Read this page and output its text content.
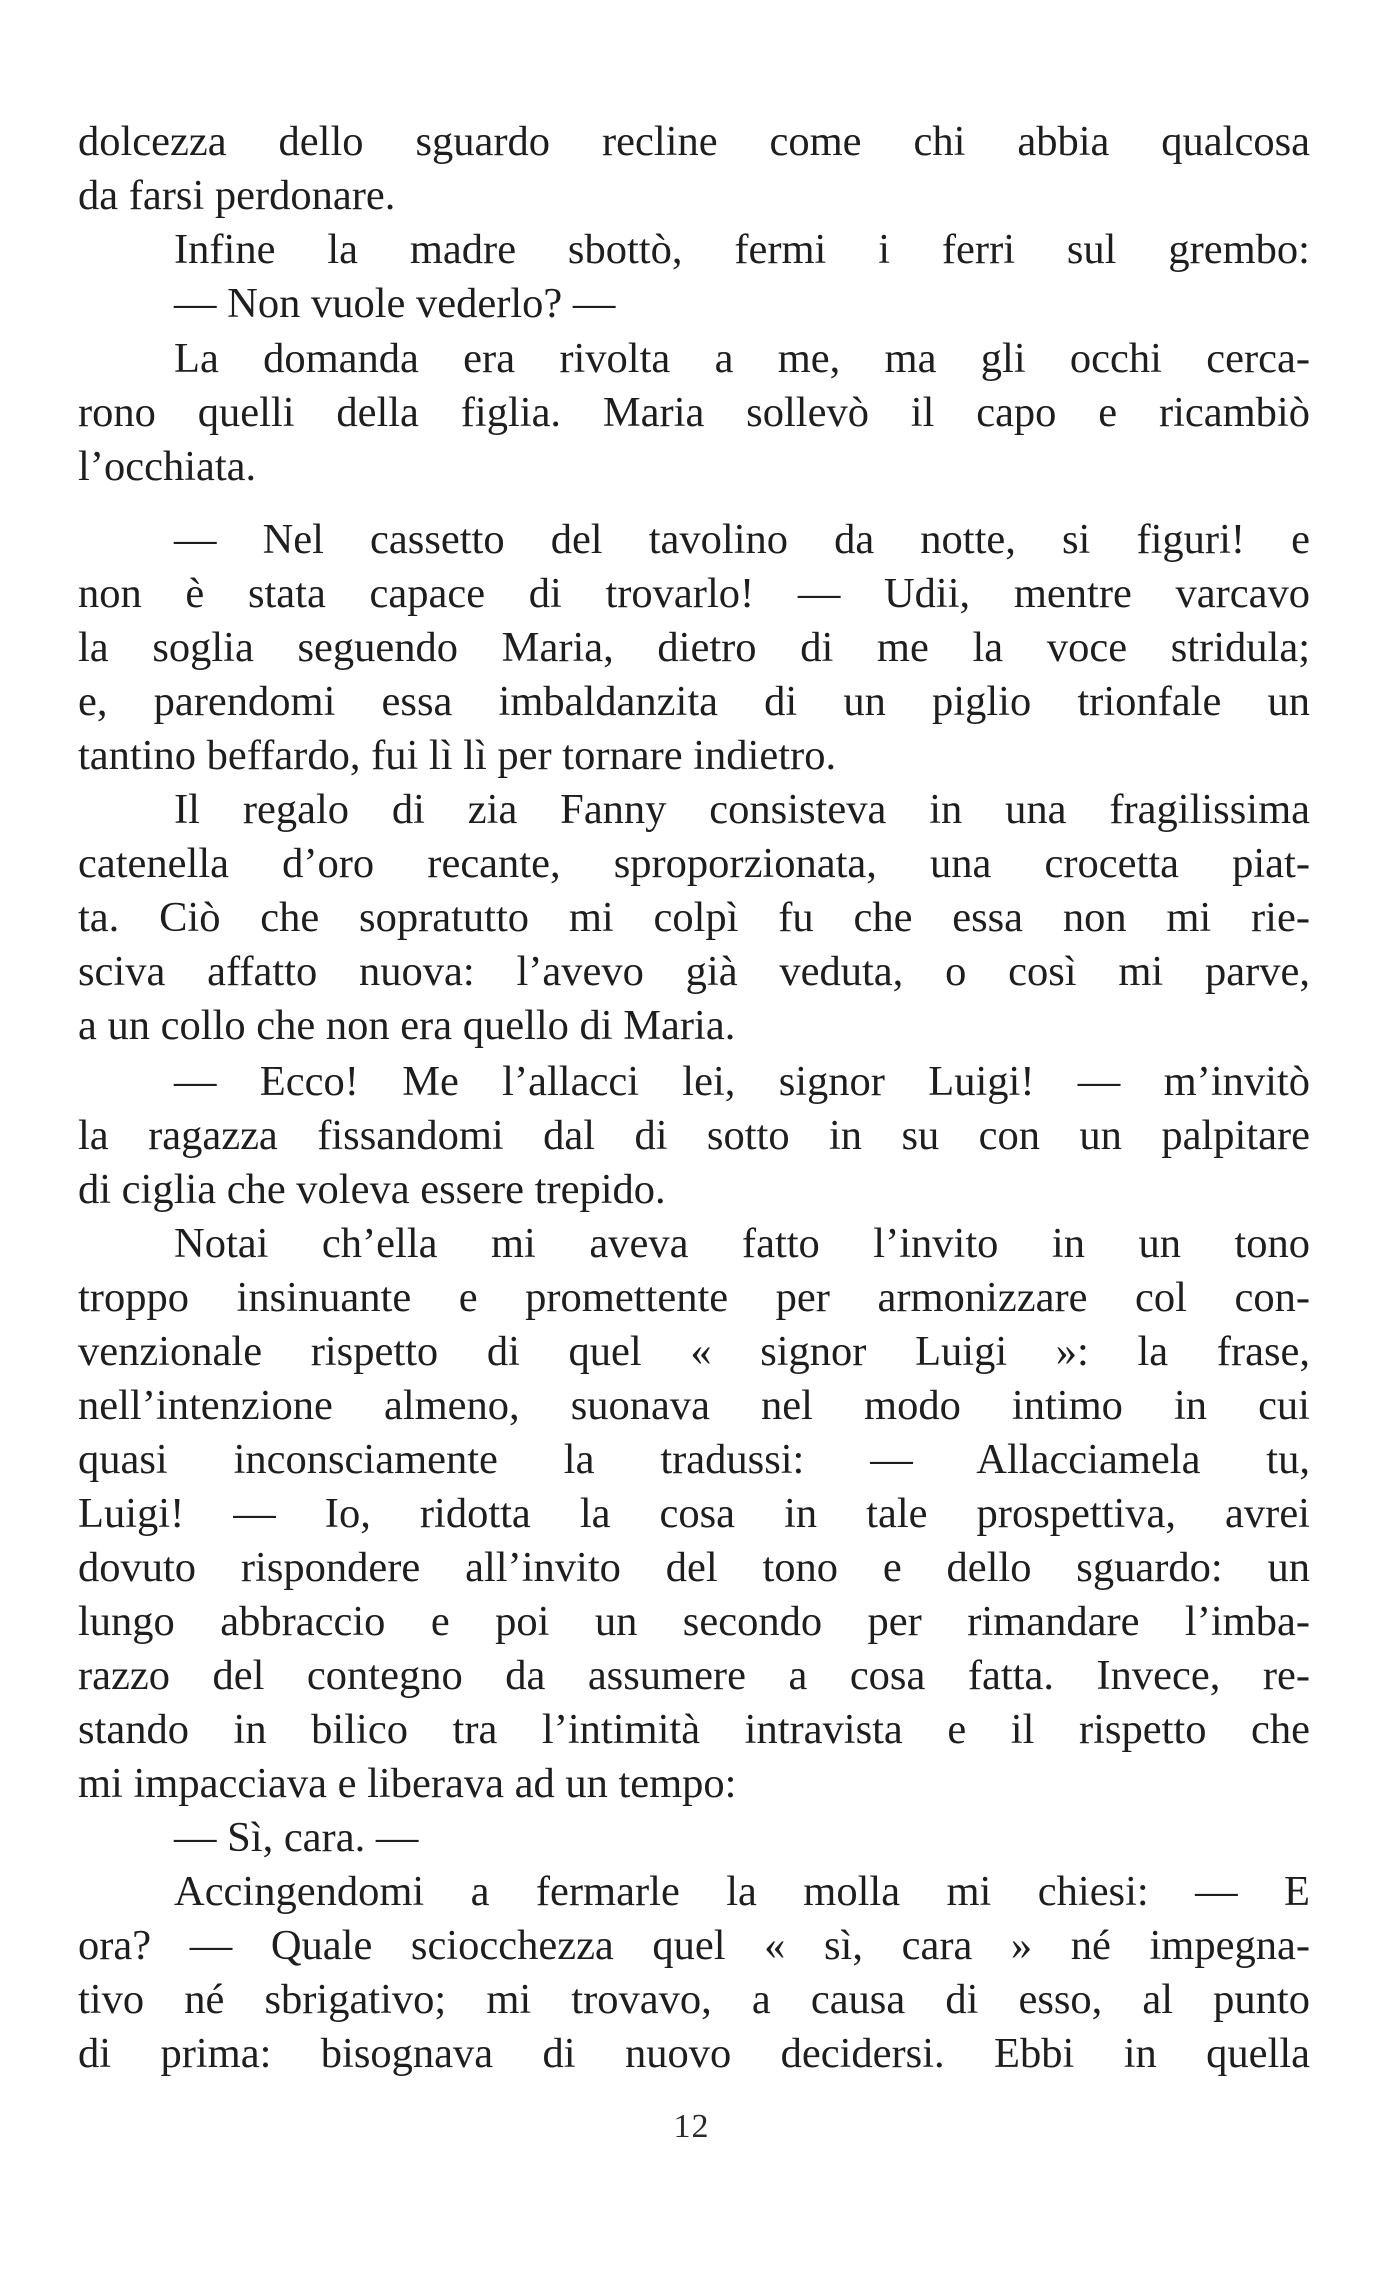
dolcezza dello sguardo recline come chi abbia qualcosa
da farsi perdonare.
Infine la madre sbottò, fermi i ferri sul grembo:
— Non vuole vederlo? —
La domanda era rivolta a me, ma gli occhi cerca-
rono quelli della figlia. Maria sollevò il capo e ricambiò
l’occhiata.
— Nel cassetto del tavolino da notte, si figuri! e
non è stata capace di trovarlo! — Udii, mentre varcavo
la soglia seguendo Maria, dietro di me la voce stridula;
e, parendomi essa imbaldanzita di un piglio trionfale un
tantino beffardo, fui lì lì per tornare indietro.
Il regalo di zia Fanny consisteva in una fragilissima
catenella d’oro recante, sproporzionata, una crocetta piat-
ta. Ciò che sopratutto mi colpì fu che essa non mi rie-
sciva affatto nuova: l’avevo già veduta, o così mi parve,
a un collo che non era quello di Maria.
— Ecco! Me l’allacci lei, signor Luigi! — m’invitò
la ragazza fissandomi dal di sotto in su con un palpitare
di ciglia che voleva essere trepido.
Notai ch’ella mi aveva fatto l’invito in un tono
troppo insinuante e promettente per armonizzare col con-
venzionale rispetto di quel « signor Luigi »: la frase,
nell’intenzione almeno, suonava nel modo intimo in cui
quasi inconsciamente la tradussi: — Allacciamela tu,
Luigi! — Io, ridotta la cosa in tale prospettiva, avrei
dovuto rispondere all’invito del tono e dello sguardo: un
lungo abbraccio e poi un secondo per rimandare l’imba-
razzo del contegno da assumere a cosa fatta. Invece, re-
stando in bilico tra l’intimità intravista e il rispetto che
mi impacciava e liberava ad un tempo:
— Sì, cara. —
Accingendomi a fermarle la molla mi chiesi: — E
ora? — Quale sciocchezza quel « sì, cara » né impegna-
tivo né sbrigativo; mi trovavo, a causa di esso, al punto
di prima: bisognava di nuovo decidersi. Ebbi in quella
12
